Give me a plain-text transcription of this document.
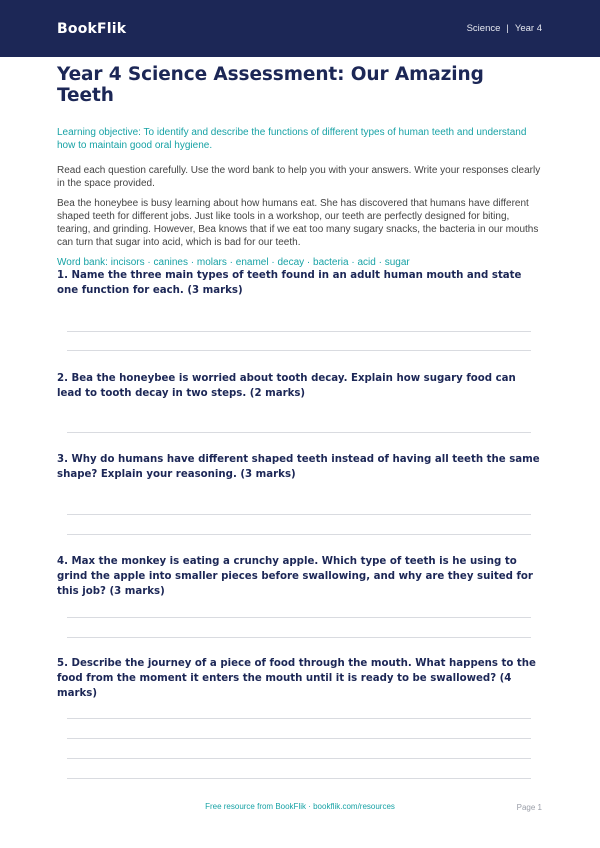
BookFlik	Science | Year 4
Year 4 Science Assessment: Our Amazing Teeth

Learning objective: To identify and describe the functions of different types of human teeth and understand how to maintain good oral hygiene.

Read each question carefully. Use the word bank to help you with your answers. Write your responses clearly in the space provided.

Bea the honeybee is busy learning about how humans eat. She has discovered that humans have different shaped teeth for different jobs. Just like tools in a workshop, our teeth are perfectly designed for biting, tearing, and grinding. However, Bea knows that if we eat too many sugary snacks, the bacteria in our mouths can turn that sugar into acid, which is bad for our teeth.

Word bank: incisors · canines · molars · enamel · decay · bacteria · acid · sugar

1. Name the three main types of teeth found in an adult human mouth and state one function for each. (3 marks)
2. Bea the honeybee is worried about tooth decay. Explain how sugary food can lead to tooth decay in two steps. (2 marks)
3. Why do humans have different shaped teeth instead of having all teeth the same shape? Explain your reasoning. (3 marks)
4. Max the monkey is eating a crunchy apple. Which type of teeth is he using to grind the apple into smaller pieces before swallowing, and why are they suited for this job? (3 marks)
5. Describe the journey of a piece of food through the mouth. What happens to the food from the moment it enters the mouth until it is ready to be swallowed? (4 marks)
Free resource from BookFlik · bookflik.com/resources	Page 1
